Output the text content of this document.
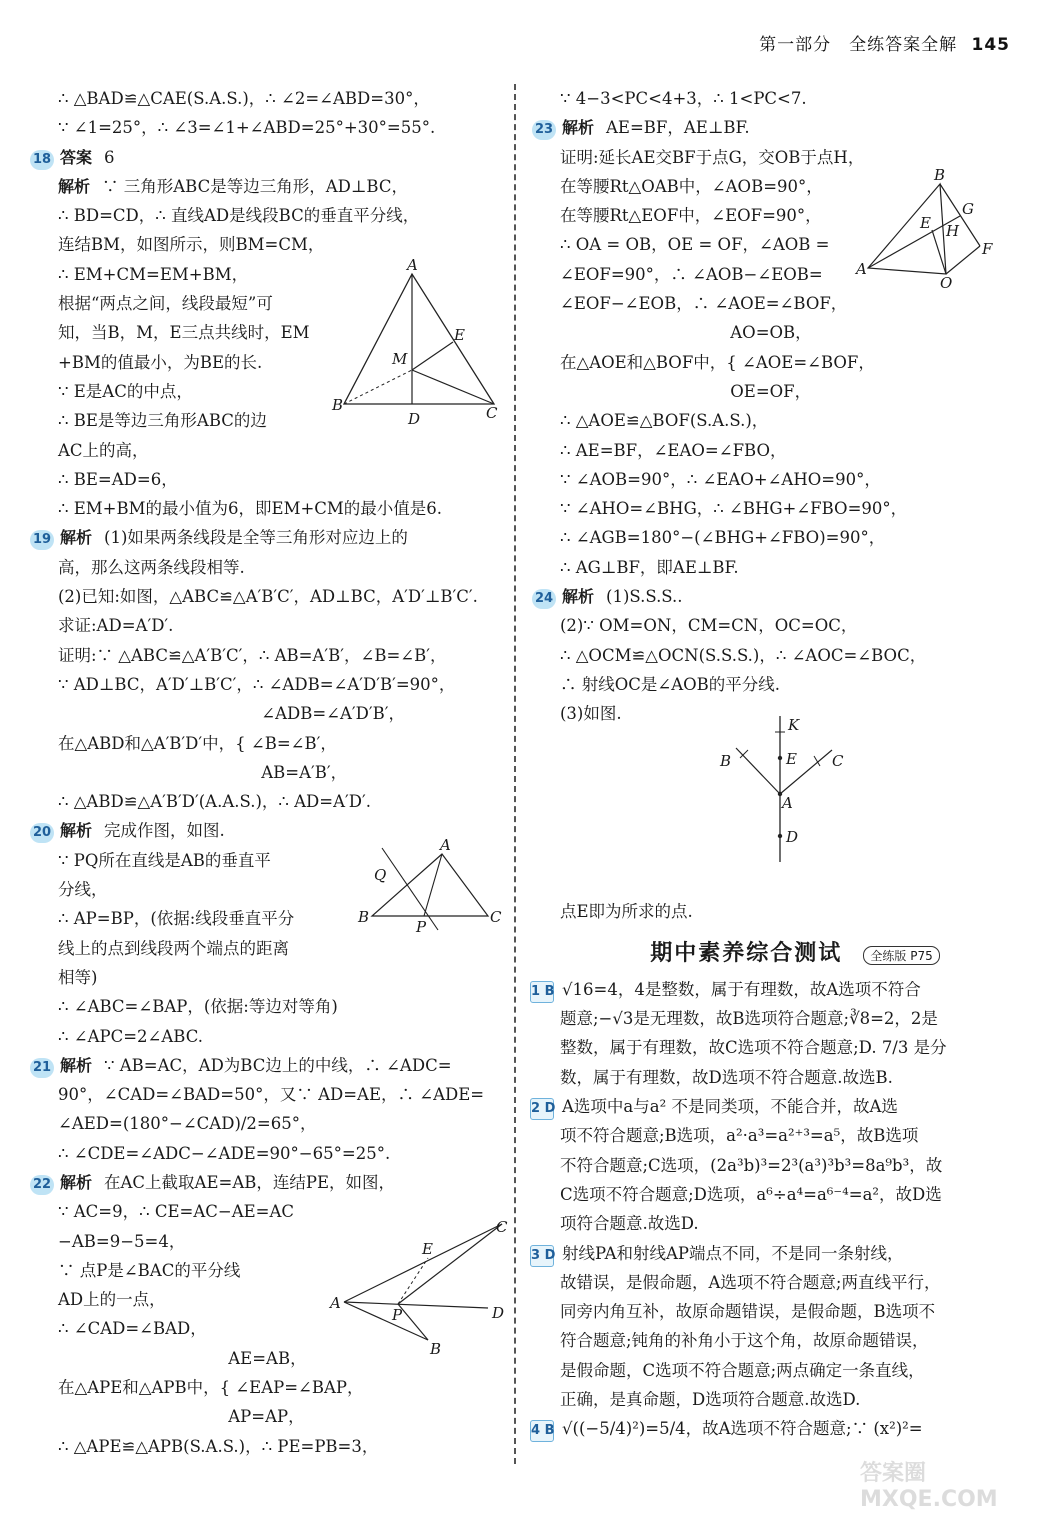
第一部分　全练答案全解 145
∴ △BAD≌△CAE(S.A.S.)，∴ ∠2=∠ABD=30°，
∵ ∠1=25°，∴ ∠3=∠1+∠ABD=25°+30°=55°.
18 答案 6
解析 ∵ 三角形ABC是等边三角形，AD⊥BC，
∴ BD=CD，∴ 直线AD是线段BC的垂直平分线，
连结BM，如图所示，则BM=CM，
∴ EM+CM=EM+BM，
根据“两点之间，线段最短”可
知，当B，M，E三点共线时，EM
+BM的值最小，为BE的长.
∵ E是AC的中点，
∴ BE是等边三角形ABC的边
AC上的高，
∴ BE=AD=6，
∴ EM+BM的最小值为6，即EM+CM的最小值是6.
19 解析 (1)如果两条线段是全等三角形对应边上的
高，那么这两条线段相等.
(2)已知:如图，△ABC≌△A′B′C′，AD⊥BC，A′D′⊥B′C′.
求证:AD=A′D′.
证明:∵ △ABC≌△A′B′C′，∴ AB=A′B′，∠B=∠B′，
∵ AD⊥BC，A′D′⊥B′C′，∴ ∠ADB=∠A′D′B′=90°，
　　　　　　　　　　　　 ∠ADB=∠A′D′B′，
在△ABD和△A′B′D′中，{ ∠B=∠B′，
　　　　　　　　　　　　 AB=A′B′，
∴ △ABD≌△A′B′D′(A.A.S.)，∴ AD=A′D′.
20 解析 完成作图，如图.
∵ PQ所在直线是AB的垂直平
分线，
∴ AP=BP，(依据:线段垂直平分
线上的点到线段两个端点的距离
相等)
∴ ∠ABC=∠BAP，(依据:等边对等角)
∴ ∠APC=2∠ABC.
21 解析 ∵ AB=AC，AD为BC边上的中线，∴ ∠ADC=
90°，∠CAD=∠BAD=50°，又∵ AD=AE，∴ ∠ADE=
∠AED=(180°−∠CAD)/2=65°，
∴ ∠CDE=∠ADC−∠ADE=90°−65°=25°.
22 解析 在AC上截取AE=AB，连结PE，如图，
∵ AC=9，∴ CE=AC−AE=AC
−AB=9−5=4，
∵ 点P是∠BAC的平分线
AD上的一点，
∴ ∠CAD=∠BAD，
　　　　　　　　　　 AE=AB，
在△APE和△APB中，{ ∠EAP=∠BAP，
　　　　　　　　　　 AP=AP，
∴ △APE≌△APB(S.A.S.)，∴ PE=PB=3，
∵ 4−3<PC<4+3，∴ 1<PC<7.
23 解析 AE=BF，AE⊥BF.
证明:延长AE交BF于点G，交OB于点H，
在等腰Rt△OAB中，∠AOB=90°，
在等腰Rt△EOF中，∠EOF=90°，
∴ OA = OB，OE = OF，∠AOB =
∠EOF=90°，∴ ∠AOB−∠EOB=
∠EOF−∠EOB，∴ ∠AOE=∠BOF，
　　　　　　　　　　 AO=OB，
在△AOE和△BOF中，{ ∠AOE=∠BOF，
　　　　　　　　　　 OE=OF，
∴ △AOE≌△BOF(S.A.S.)，
∴ AE=BF，∠EAO=∠FBO，
∵ ∠AOB=90°，∴ ∠EAO+∠AHO=90°，
∵ ∠AHO=∠BHG，∴ ∠BHG+∠FBO=90°，
∴ ∠AGB=180°−(∠BHG+∠FBO)=90°，
∴ AG⊥BF，即AE⊥BF.
24 解析 (1)S.S.S..
(2)∵ OM=ON，CM=CN，OC=OC，
∴ △OCM≌△OCN(S.S.S.)，∴ ∠AOC=∠BOC，
∴ 射线OC是∠AOB的平分线.
(3)如图.
点E即为所求的点.
期中素养综合测试 全练版 P75
1 B √16=4，4是整数，属于有理数，故A选项不符合
题意;−√3是无理数，故B选项符合题意;∛8=2，2是
整数，属于有理数，故C选项不符合题意;D. 7/3 是分
数，属于有理数，故D选项不符合题意.故选B.
2 D A选项中a与a² 不是同类项，不能合并，故A选
项不符合题意;B选项，a²·a³=a²⁺³=a⁵，故B选项
不符合题意;C选项，(2a³b)³=2³(a³)³b³=8a⁹b³，故
C选项不符合题意;D选项，a⁶÷a⁴=a⁶⁻⁴=a²，故D选
项符合题意.故选D.
3 D 射线PA和射线AP端点不同，不是同一条射线，
故错误，是假命题，A选项不符合题意;两直线平行，
同旁内角互补，故原命题错误，是假命题，B选项不
符合题意;钝角的补角小于这个角，故原命题错误，
是假命题，C选项不符合题意;两点确定一条直线，
正确，是真命题，D选项符合题意.故选D.
4 B √((−5/4)²)=5/4，故A选项不符合题意;∵ (x²)²=
A
B	C
D
E
M
A
B	C
P
Q
A
B
C
D
E
P
B
A
E
F
G
H
O
K
B	C
E
A
D
答案圈 MXQE.COM
